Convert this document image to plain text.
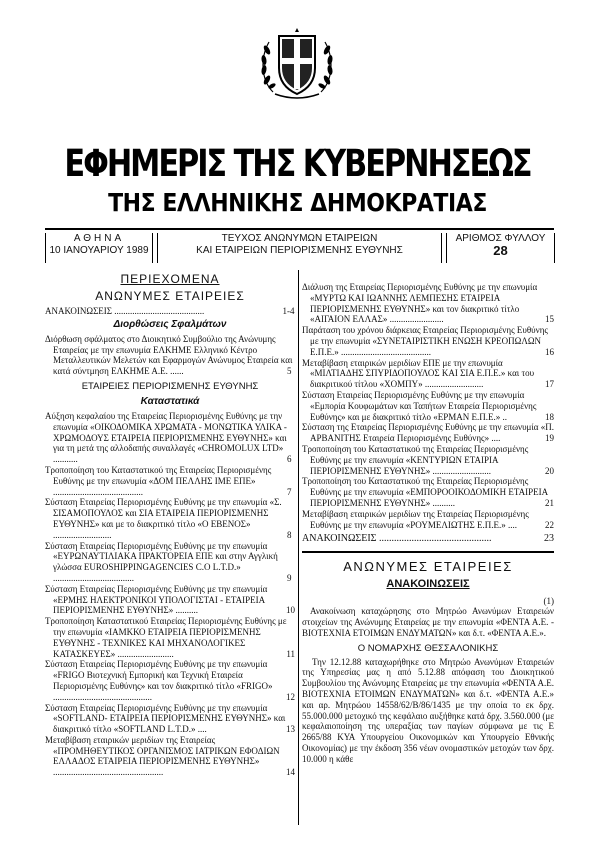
ΕΦΗΜΕΡΙΣ ΤΗΣ ΚΥΒΕΡΝΗΣΕΩΣ
ΤΗΣ ΕΛΛΗΝΙΚΗΣ ΔΗΜΟΚΡΑΤΙΑΣ
ΑΘΗΝΑ
10 ΙΑΝΟΥΑΡΙΟΥ 1989
ΤΕΥΧΟΣ ΑΝΩΝΥΜΩΝ ΕΤΑΙΡΕΙΩΝ
ΚΑΙ ΕΤΑΙΡΕΙΩΝ ΠΕΡΙΟΡΙΣΜΕΝΗΣ ΕΥΘΥΝΗΣ
ΑΡΙΘΜΟΣ ΦΥΛΛΟΥ
28
ΠΕΡΙΕΧΟΜΕΝΑ
ΑΝΩΝΥΜΕΣ ΕΤΑΙΡΕΙΕΣ
ΑΝΑΚΟΙΝΩΣΕΙΣ ........................................	1-4
Διορθώσεις Σφαλμάτων
Διόρθωση σφάλματος στο Διοικητικό Συμβούλιο της Ανώνυμης Εταιρείας με την επωνυμία ΕΛΚΗΜΕ Ελληνικό Κέντρο Μεταλλευτικών Μελετών και Εφαρμογών Ανώνυμος Εταιρεία και κατά σύντμηση ΕΛΚΗΜΕ Α.Ε. ......	5
ΕΤΑΙΡΕΙΕΣ ΠΕΡΙΟΡΙΣΜΕΝΗΣ ΕΥΘΥΝΗΣ
Καταστατικά
Αύξηση κεφαλαίου της Εταιρείας Περιορισμένης Ευθύνης με την επωνυμία «ΟΙΚΟΔΟΜΙΚΑ ΧΡΩΜΑΤΑ - ΜΟΝΩΤΙΚΑ ΥΛΙΚΑ - ΧΡΩΜΟΔΟΥΣ ΕΤΑΙΡΕΙΑ ΠΕΡΙΟΡΙΣΜΕΝΗΣ ΕΥΘΥΝΗΣ» και για τη μετά της αλλοδαπής συναλλαγές «CHROMOLUX LTD» ...........	6
Τροποποίηση του Καταστατικού της Εταιρείας Περιορισμένης Ευθύνης με την επωνυμία «ΔΟΜ ΠΕΛΛΗΣ ΙΜΕ ΕΠΕ» ........................................	7
Σύσταση Εταιρείας Περιορισμένης Ευθύνης με την επωνυμία «Σ. ΣΙΣΑΜΟΠΟΥΛΟΣ και ΣΙΑ ΕΤΑΙΡΕΙΑ ΠΕΡΙΟΡΙΣΜΕΝΗΣ ΕΥΘΥΝΗΣ» και με το διακριτικό τίτλο «Ο ΕΒΕΝΟΣ» ..........................	8
Σύσταση Εταιρείας Περιορισμένης Ευθύνης με την επωνυμία «ΕΥΡΩΝΑΥΤΙΛΙΑΚΑ ΠΡΑΚΤΟΡΕΙΑ ΕΠΕ και στην Αγγλική γλώσσα EUROSHIPPINGAGENCIES C.O L.T.D.» ....................................	9
Σύσταση Εταιρείας Περιορισμένης Ευθύνης με την επωνυμία «ΕΡΜΗΣ ΗΛΕΚΤΡΟΝΙΚΟΙ ΥΠΟΛΟΓΙΣΤΑΙ - ΕΤΑΙΡΕΙΑ ΠΕΡΙΟΡΙΣΜΕΝΗΣ ΕΥΘΥΝΗΣ» ..........	10
Τροποποίηση Καταστατικού Εταιρείας Περιορισμένης Ευθύνης με την επωνυμία «ΙΑΜΚΚΟ ΕΤΑΙΡΕΙΑ ΠΕΡΙΟΡΙΣΜΕΝΗΣ ΕΥΘΥΝΗΣ - ΤΕΧΝΙΚΕΣ ΚΑΙ ΜΗΧΑΝΟΛΟΓΙΚΕΣ ΚΑΤΑΣΚΕΥΕΣ» .........................	11
Σύσταση Εταιρείας Περιορισμένης Ευθύνης με την επωνυμία «FRIGO Βιοτεχνική Εμπορική και Τεχνική Εταιρεία Περιορισμένης Ευθύνης» και τον διακριτικό τίτλο «FRIGO» ............................................	12
Σύσταση Εταιρείας Περιορισμένης Ευθύνης με την επωνυμία «SOFTLAND- ΕΤΑΙΡΕΙΑ ΠΕΡΙΟΡΙΣΜΕΝΗΣ ΕΥΘΥΝΗΣ» και διακριτικό τίτλο «SOFTLAND L.T.D.» ....	13
Μεταβίβαση εταιρικών μεριδίων της Εταιρείας «ΠΡΟΜΗΘΕΥΤΙΚΟΣ ΟΡΓΑΝΙΣΜΟΣ ΙΑΤΡΙΚΩΝ ΕΦΟΔΙΩΝ ΕΛΛΑΔΟΣ ΕΤΑΙΡΕΙΑ ΠΕΡΙΟΡΙΣΜΕΝΗΣ ΕΥΘΥΝΗΣ» .................................................	14
Διάλυση της Εταιρείας Περιορισμένης Ευθύνης με την επωνυμία «ΜΥΡΤΩ ΚΑΙ ΙΩΑΝΝΗΣ ΛΕΜΠΕΣΗΣ ΕΤΑΙΡΕΙΑ ΠΕΡΙΟΡΙΣΜΕΝΗΣ ΕΥΘΥΝΗΣ» και τον διακριτικό τίτλο «ΑΙΓΑΙΟΝ ΕΛΛΑΣ» ........................	15
Παράταση του χρόνου διάρκειας Εταιρείας Περιορισμένης Ευθύνης με την επωνυμία «ΣΥΝΕΤΑΙΡΙΣΤΙΚΗ ΕΝΩΣΗ ΚΡΕΟΠΩΛΩΝ Ε.Π.Ε.» ........................................	16
Μεταβίβαση εταιρικών μεριδίων ΕΠΕ με την επωνυμία «ΜΙΛΤΙΑΔΗΣ ΣΠΥΡΙΔΟΠΟΥΛΟΣ ΚΑΙ ΣΙΑ Ε.Π.Ε.» και του διακριτικού τίτλου «ΧΟΜΠΥ» ..........................	17
Σύσταση Εταιρείας Περιορισμένης Ευθύνης με την επωνυμία «Εμπορία Κουφωμάτων και Ταπήτων Εταιρεία Περιορισμένης Ευθύνης» και με διακριτικό τίτλο «ΕΡΜΑΝ Ε.Π.Ε.» ..	18
Σύσταση της Εταιρείας Περιορισμένης Ευθύνης με την επωνυμία «Π. ΑΡΒΑΝΙΤΗΣ Εταιρεία Περιορισμένης Ευθύνης» ....	19
Τροποποίηση του Καταστατικού της Εταιρείας Περιορισμένης Ευθύνης με την επωνυμία «ΚΕΝΤΥΡΙΩΝ ΕΤΑΙΡΙΑ ΠΕΡΙΟΡΙΣΜΕΝΗΣ ΕΥΘΥΝΗΣ» ..........................	20
Τροποποίηση του Καταστατικού της Εταιρείας Περιορισμένης Ευθύνης με την επωνυμία «ΕΜΠΟΡΟΟΙΚΟΔΟΜΙΚΗ ΕΤΑΙΡΕΙΑ ΠΕΡΙΟΡΙΣΜΕΝΗΣ ΕΥΘΥΝΗΣ» ..........	21
Μεταβίβαση εταιρικών μεριδίων της Εταιρείας Περιορισμένης Ευθύνης με την επωνυμία «ΡΟΥΜΕΛΙΩΤΗΣ Ε.Π.Ε.» ....	22
ΑΝΑΚΟΙΝΩΣΕΙΣ .............................................	23
ΑΝΩΝΥΜΕΣ ΕΤΑΙΡΕΙΕΣ
ΑΝΑΚΟΙΝΩΣΕΙΣ
(1)

Ανακοίνωση καταχώρησης στο Μητρώο Ανωνύμων Εταιρειών στοιχείων της Ανώνυμης Εταιρείας με την επωνυμία «ΦΕΝΤΑ Α.Ε. - ΒΙΟΤΕΧΝΙΑ ΕΤΟΙΜΩΝ ΕΝΔΥΜΑΤΩΝ» και δ.τ. «ΦΕΝΤΑ Α.Ε.».

Ο ΝΟΜΑΡΧΗΣ ΘΕΣΣΑΛΟΝΙΚΗΣ

Την 12.12.88 καταχωρήθηκε στο Μητρώο Ανωνύμων Εταιρειών της Υπηρεσίας μας η από 5.12.88 απόφαση του Διοικητικού Συμβουλίου της Ανώνυμης Εταιρείας με την επωνυμία «ΦΕΝΤΑ Α.Ε. ΒΙΟΤΕΧΝΙΑ ΕΤΟΙΜΩΝ ΕΝΔΥΜΑΤΩΝ» και δ.τ. «ΦΕΝΤΑ Α.Ε.» και αρ. Μητρώου 14558/62/Β/86/1435 με την οποία το εκ δρχ. 55.000.000 μετοχικό της κεφάλαιο αυξήθηκε κατά δρχ. 3.560.000 (με κεφαλαιοποίηση της υπεραξίας των παγίων σύμφωνα με τις Ε 2665/88 ΚΥΑ Υπουργείου Οικονομικών και Υπουργείο Εθνικής Οικονομίας) με την έκδοση 356 νέων ονομαστικών μετοχών των δρχ. 10.000 η κάθε
